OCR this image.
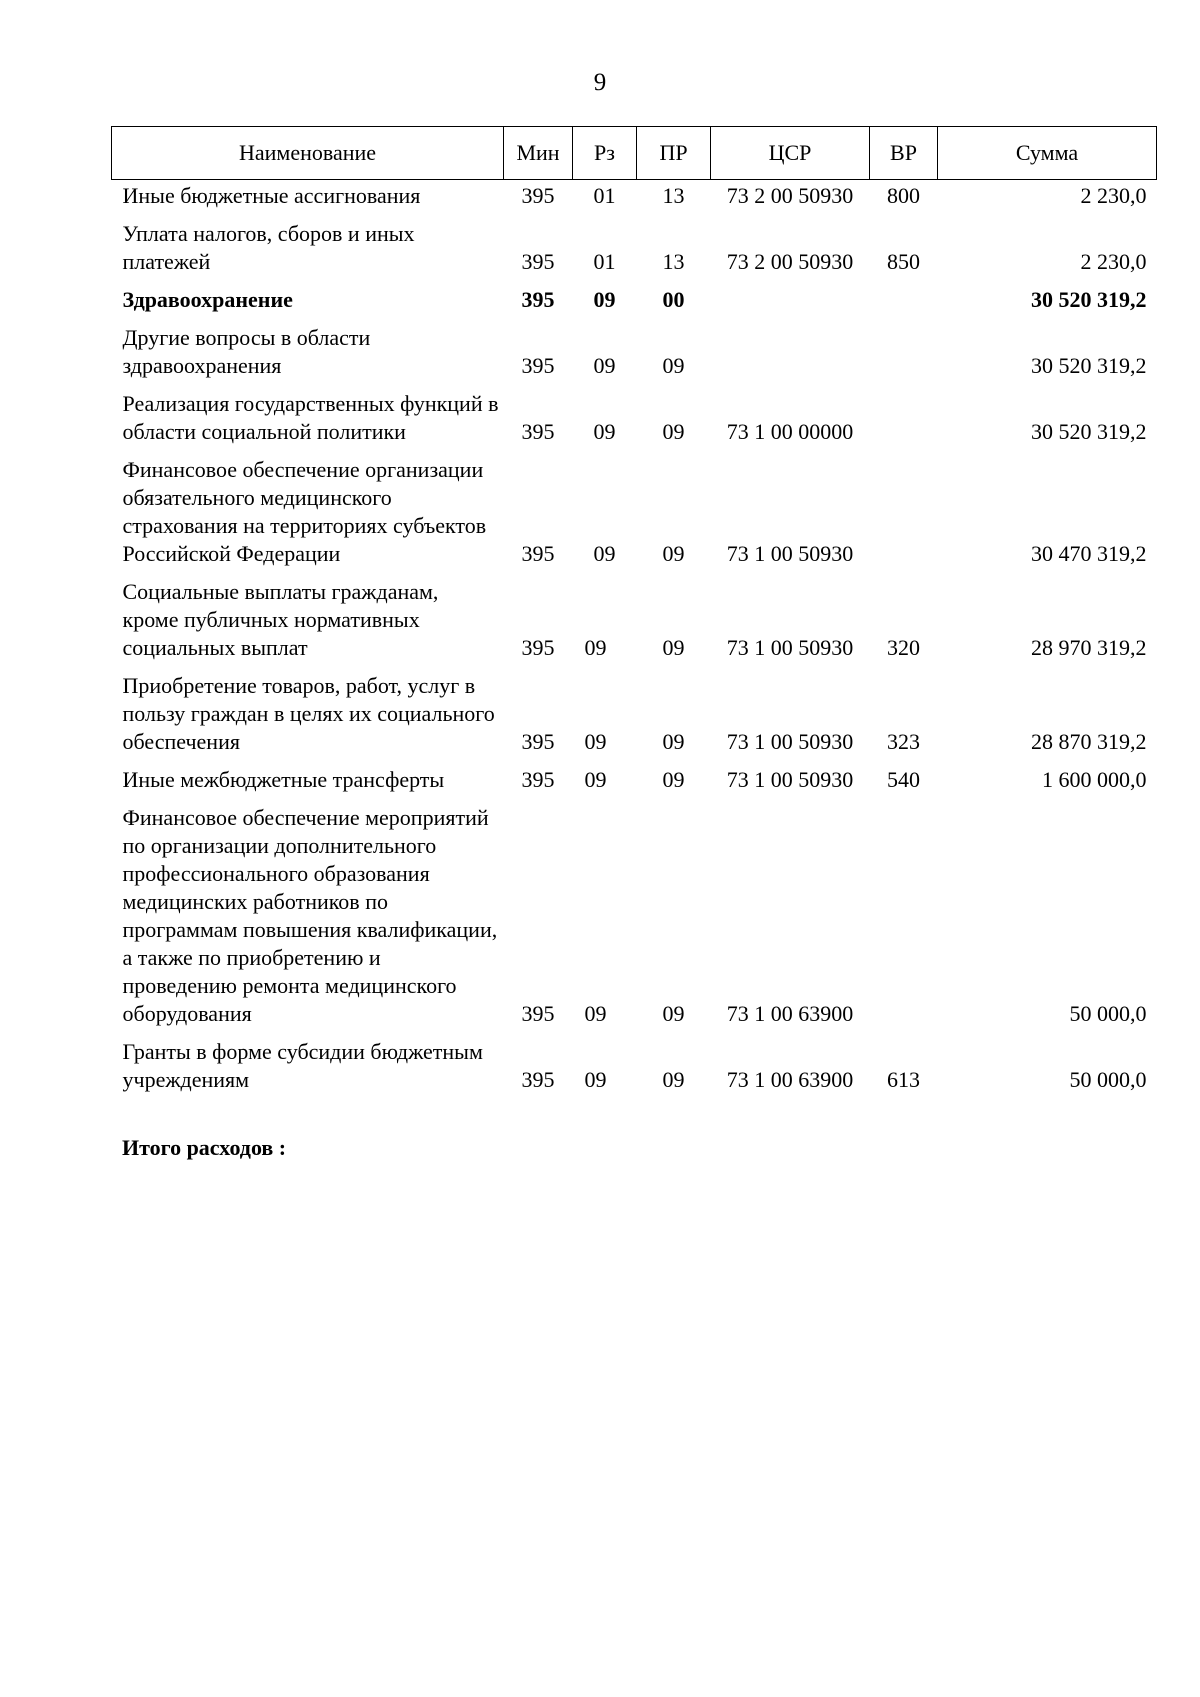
9
Наименование	Мин	Рз	ПР	ЦСР	ВР	Сумма
Иные бюджетные ассигнования	395	01	13	73 2 00 50930	800	2 230,0
Уплата налогов, сборов и иных платежей	395	01	13	73 2 00 50930	850	2 230,0
Здравоохранение	395	09	00			30 520 319,2
Другие вопросы в области здравоохранения	395	09	09			30 520 319,2
Реализация государственных функций в области социальной политики	395	09	09	73 1 00 00000		30 520 319,2
Финансовое обеспечение организации обязательного медицинского страхования на территориях субъектов Российской Федерации	395	09	09	73 1 00 50930		30 470 319,2
Социальные выплаты гражданам, кроме публичных нормативных социальных выплат	395	09	09	73 1 00 50930	320	28 970 319,2
Приобретение товаров, работ, услуг в пользу граждан в целях их социального обеспечения	395	09	09	73 1 00 50930	323	28 870 319,2
Иные межбюджетные трансферты	395	09	09	73 1 00 50930	540	1 600 000,0
Финансовое обеспечение мероприятий по организации дополнительного профессионального образования медицинских работников по программам повышения квалификации, а также по приобретению и проведению ремонта медицинского оборудования	395	09	09	73 1 00 63900		50 000,0
Гранты в форме субсидии бюджетным учреждениям	395	09	09	73 1 00 63900	613	50 000,0
Итого расходов :
